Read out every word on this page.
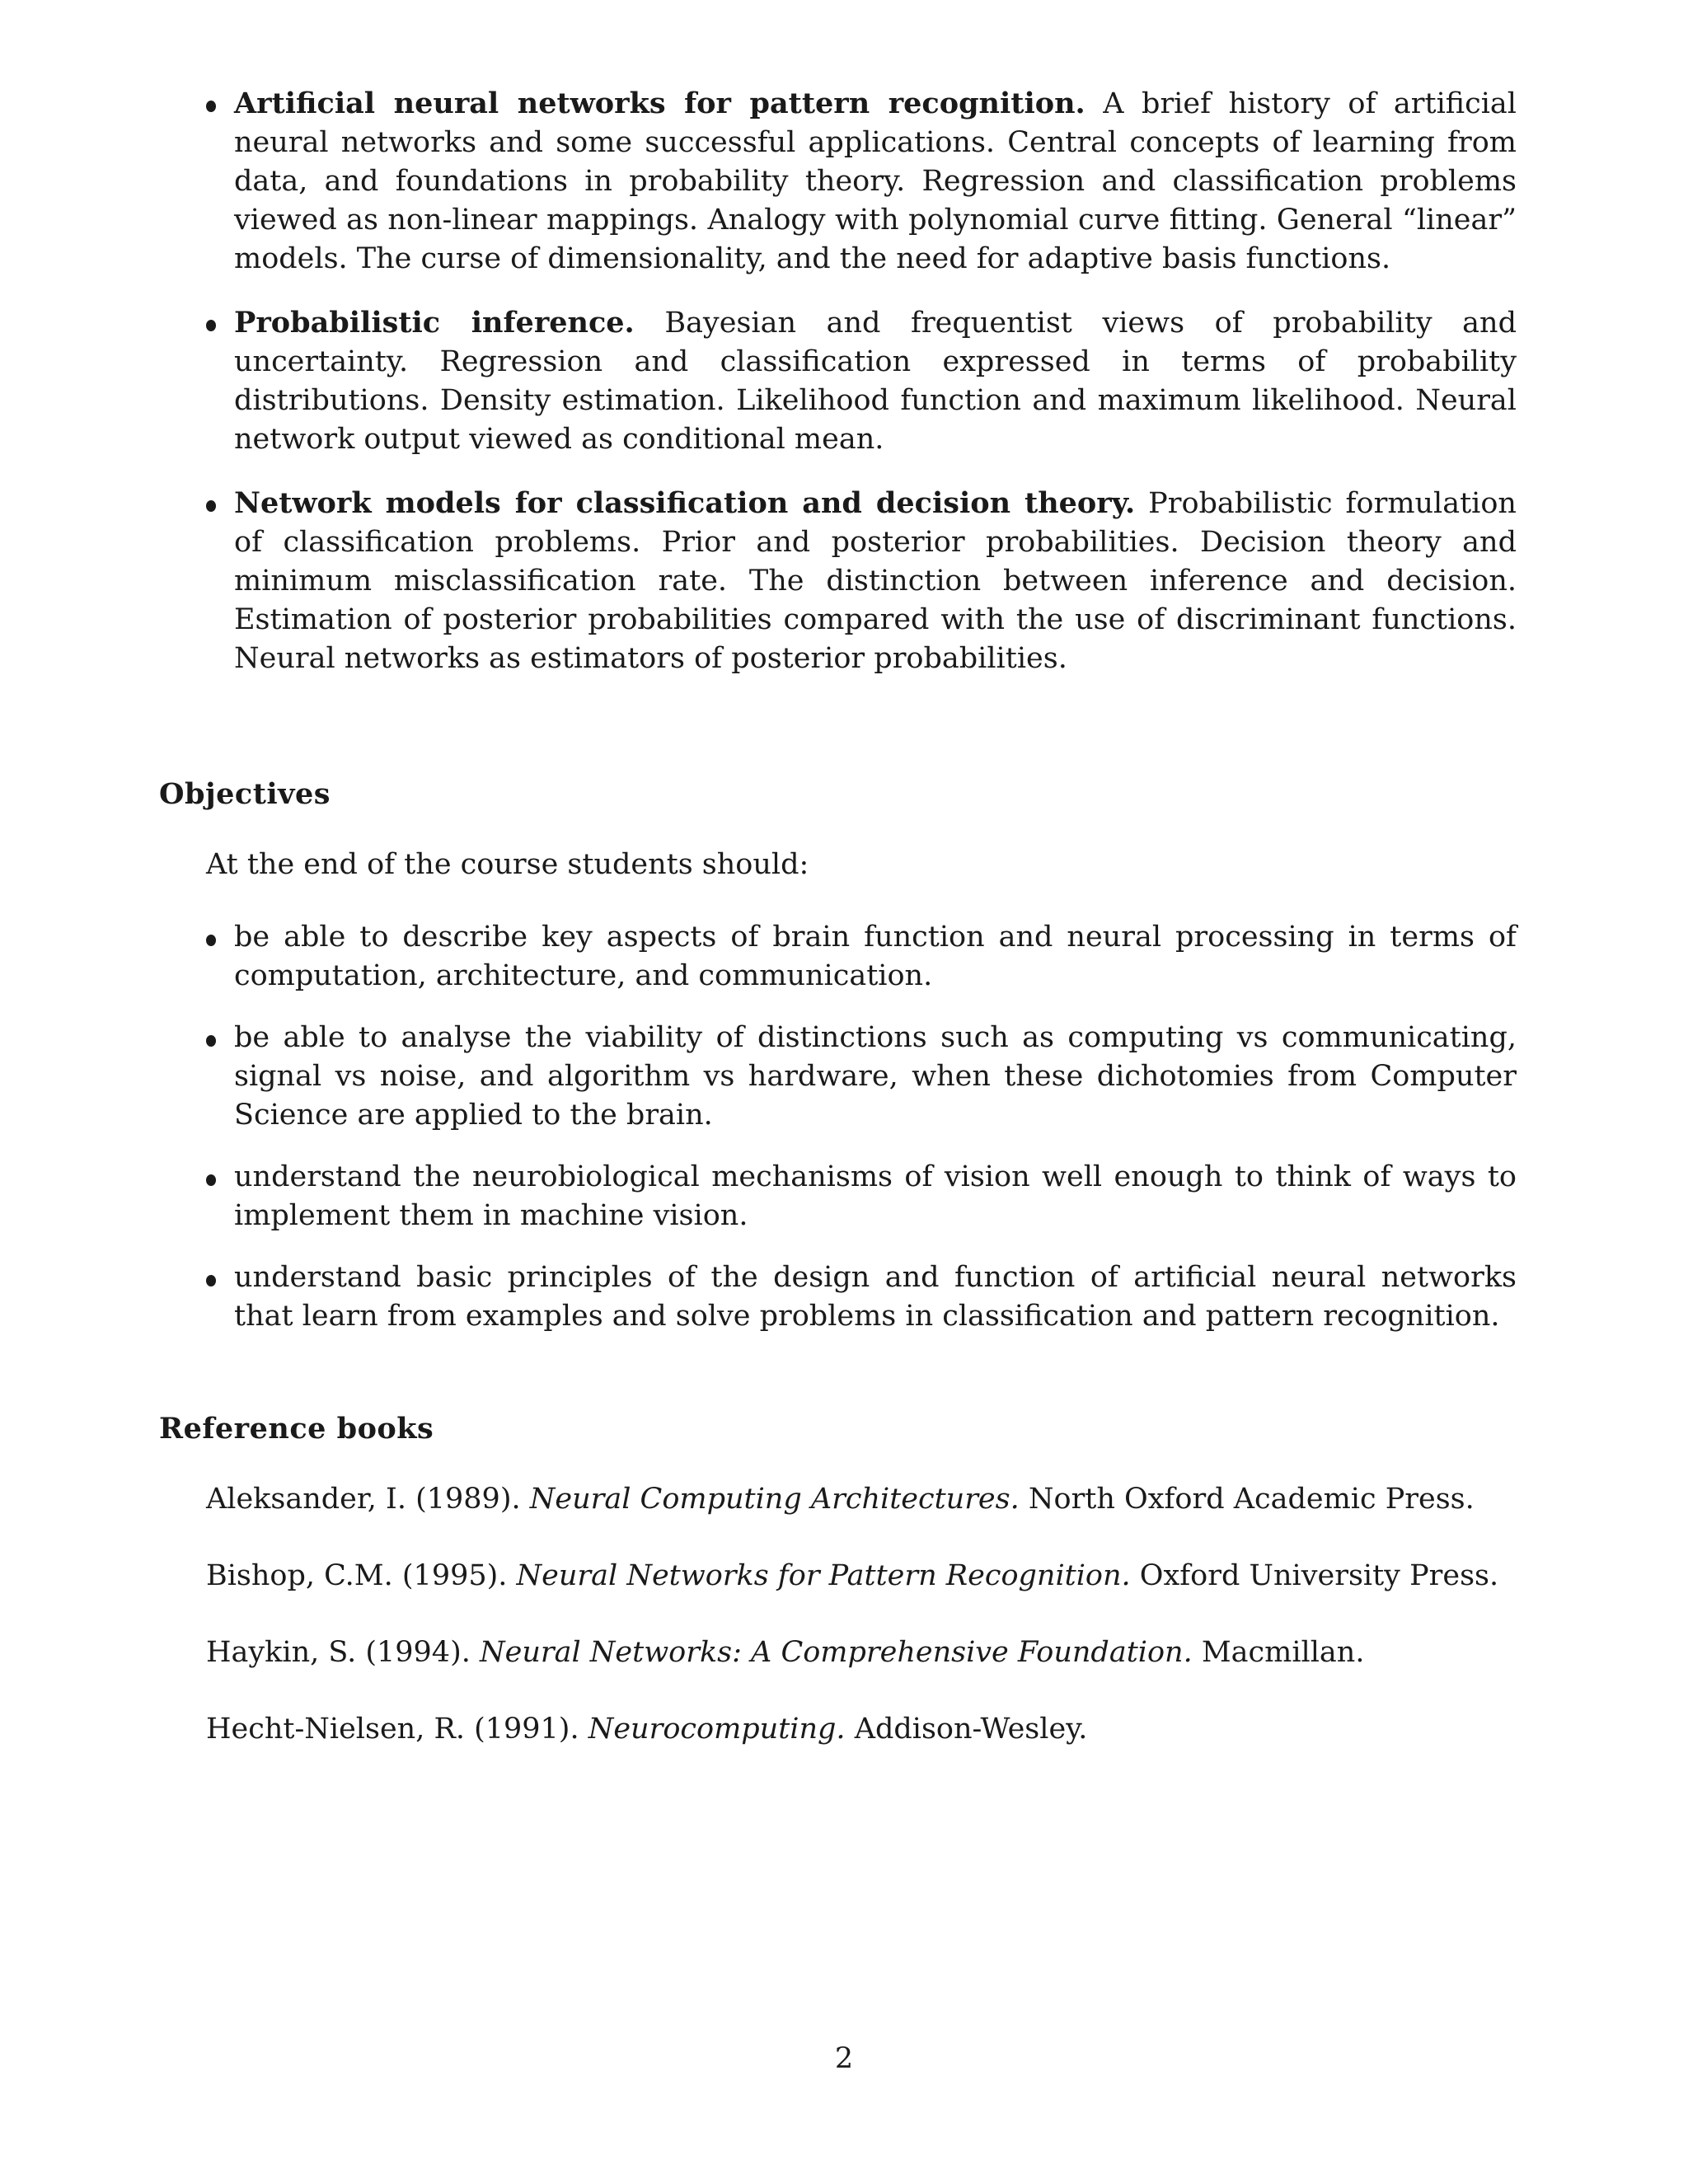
Artificial neural networks for pattern recognition. A brief history of artificial neural networks and some successful applications. Central concepts of learning from data, and foundations in probability theory. Regression and classification problems viewed as non-linear mappings. Analogy with polynomial curve fitting. General “linear” models. The curse of dimensionality, and the need for adaptive basis functions.
Probabilistic inference. Bayesian and frequentist views of probability and uncertainty. Regression and classification expressed in terms of probability distributions. Density estimation. Likelihood function and maximum likelihood. Neural network output viewed as conditional mean.
Network models for classification and decision theory. Probabilistic formulation of classification problems. Prior and posterior probabilities. Decision theory and minimum misclassification rate. The distinction between inference and decision. Estimation of posterior probabilities compared with the use of discriminant functions. Neural networks as estimators of posterior probabilities.
Objectives

At the end of the course students should:

be able to describe key aspects of brain function and neural processing in terms of computation, architecture, and communication.
be able to analyse the viability of distinctions such as computing vs communicating, signal vs noise, and algorithm vs hardware, when these dichotomies from Computer Science are applied to the brain.
understand the neurobiological mechanisms of vision well enough to think of ways to implement them in machine vision.
understand basic principles of the design and function of artificial neural networks that learn from examples and solve problems in classification and pattern recognition.
Reference books
Aleksander, I. (1989). Neural Computing Architectures. North Oxford Academic Press.
Bishop, C.M. (1995). Neural Networks for Pattern Recognition. Oxford University Press.
Haykin, S. (1994). Neural Networks: A Comprehensive Foundation. Macmillan.
Hecht-Nielsen, R. (1991). Neurocomputing. Addison-Wesley.

2
